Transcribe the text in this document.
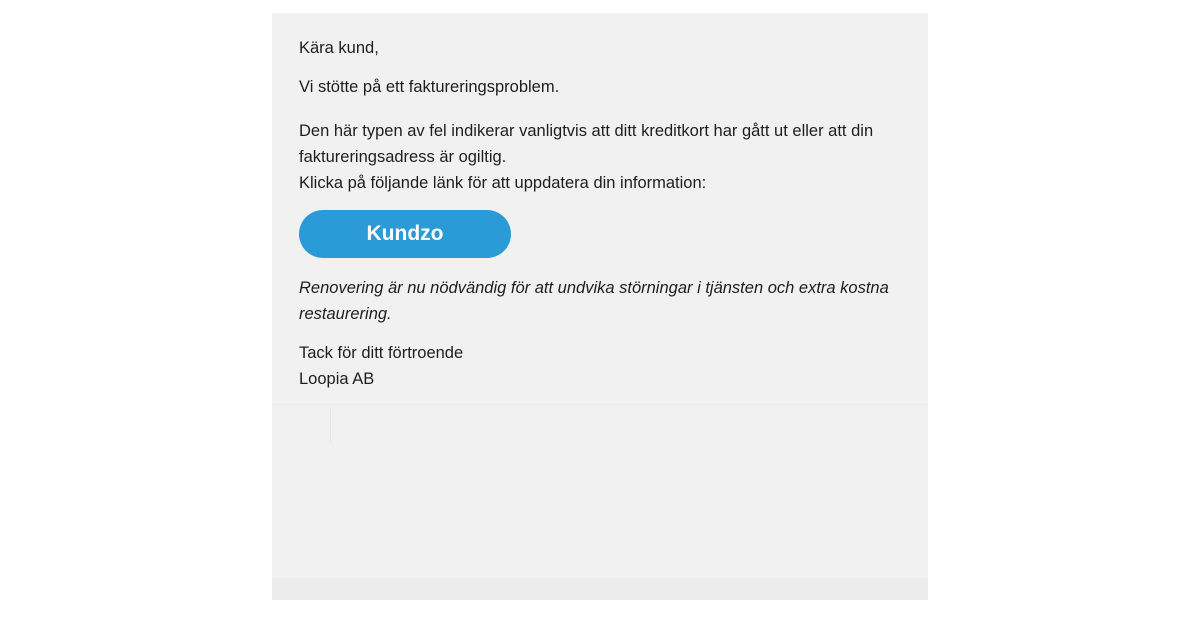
Kära kund,
Vi stötte på ett faktureringsproblem.
Den här typen av fel indikerar vanligtvis att ditt kreditkort har gått ut eller att din
faktureringsadress är ogiltig.
Klicka på följande länk för att uppdatera din information:
Kundzo
Renovering är nu nödvändig för att undvika störningar i tjänsten och extra kostna
restaurering.
Tack för ditt förtroende
Loopia AB
